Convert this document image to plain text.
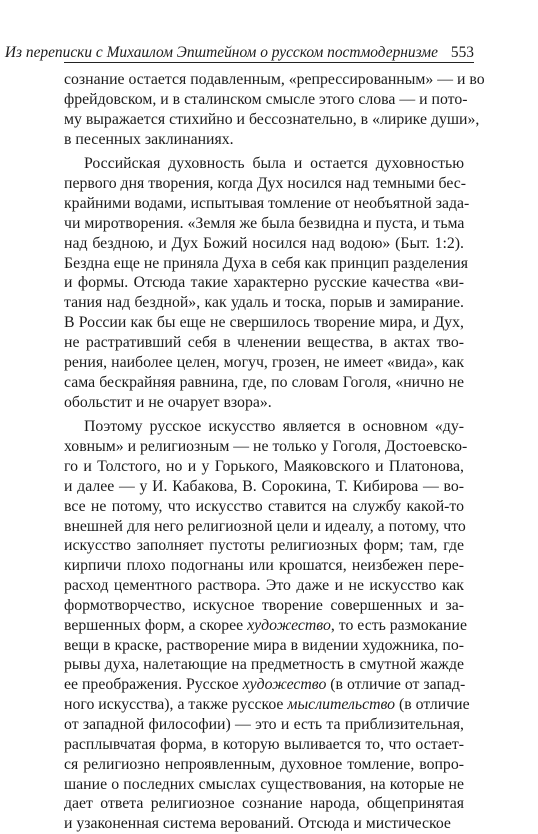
Из переписки с Михаилом Эпштейном о русском постмодернизме 553
сознание остается подавленным, «репрессированным» — и во
фрейдовском, и в сталинском смысле этого слова — и пото-
му выражается стихийно и бессознательно, в «лирике души»,
в песенных заклинаниях.
Российская духовность была и остается духовностью
первого дня творения, когда Дух носился над темными бес-
крайними водами, испытывая томление от необъятной зада-
чи миротворения. «Земля же была безвидна и пуста, и тьма
над бездною, и Дух Божий носился над водою» (Быт. 1:2).
Бездна еще не приняла Духа в себя как принцип разделения
и формы. Отсюда такие характерно русские качества «ви-
тания над бездной», как удаль и тоска, порыв и замирание.
В России как бы еще не свершилось творение мира, и Дух,
не растративший себя в членении вещества, в актах тво-
рения, наиболее целен, могуч, грозен, не имеет «вида», как
сама бескрайняя равнина, где, по словам Гоголя, «нично не
обольстит и не очарует взора».
Поэтому русское искусство является в основном «ду-
ховным» и религиозным — не только у Гоголя, Достоевско-
го и Толстого, но и у Горького, Маяковского и Платонова,
и далее — у И. Кабакова, В. Сорокина, Т. Кибирова — во-
все не потому, что искусство ставится на службу какой-то
внешней для него религиозной цели и идеалу, а потому, что
искусство заполняет пустоты религиозных форм; там, где
кирпичи плохо подогнаны или крошатся, неизбежен пере-
расход цементного раствора. Это даже и не искусство как
формотворчество, искусное творение совершенных и за-
вершенных форм, а скорее художество, то есть размокание
вещи в краске, растворение мира в видении художника, по-
рывы духа, налетающие на предметность в смутной жажде
ее преображения. Русское художество (в отличие от запад-
ного искусства), а также русское мыслительство (в отличие
от западной философии) — это и есть та приблизительная,
расплывчатая форма, в которую выливается то, что остает-
ся религиозно непроявленным, духовное томление, вопро-
шание о последних смыслах существования, на которые не
дает ответа религиозное сознание народа, общепринятая
и узаконенная система верований. Отсюда и мистическое
